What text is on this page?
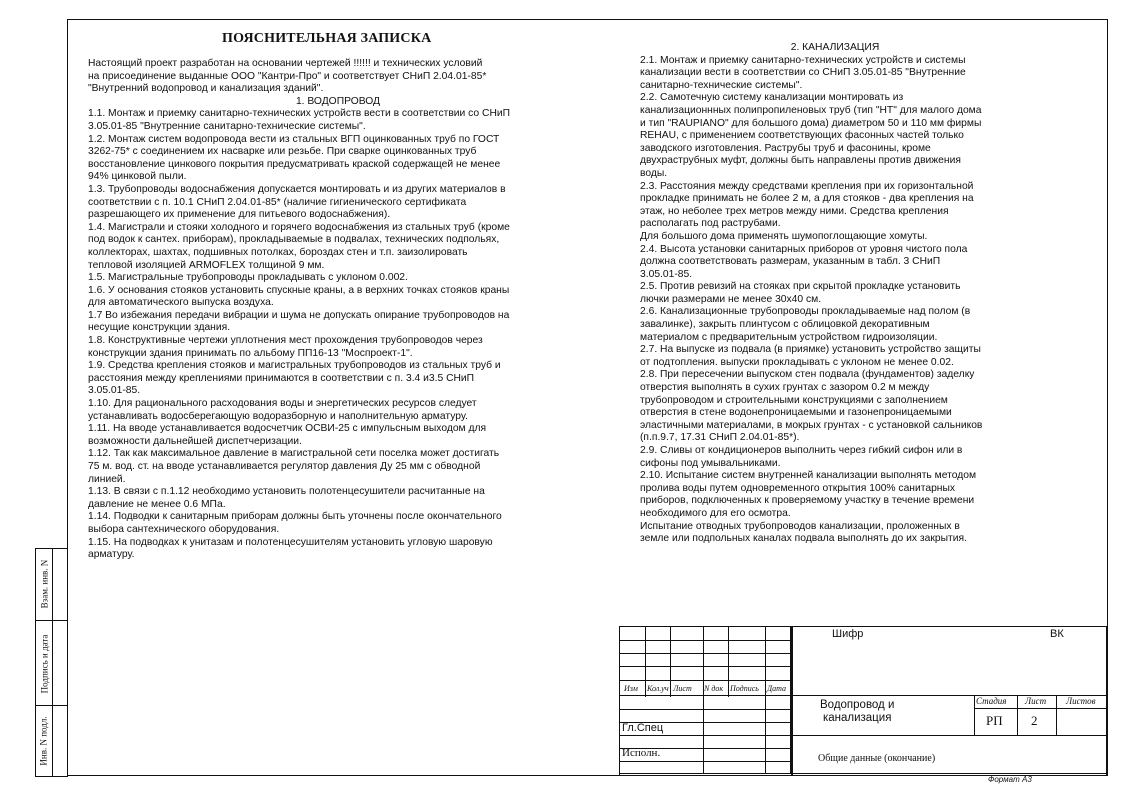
Взам. инв. N
Подпись и дата
Инв. N подл.
ПОЯСНИТЕЛЬНАЯ ЗАПИСКА

Настоящий проект разработан на основании чертежей !!!!!! и технических условий

на присоединение выданные ООО "Кантри-Про" и соответствует СНиП 2.04.01-85*

"Внутренний водопровод и канализация зданий".

1. ВОДОПРОВОД

1.1. Монтаж и приемку санитарно-технических устройств вести в соответствии со СНиП

3.05.01-85 "Внутренние санитарно-технические системы".

1.2. Монтаж систем водопровода вести из стальных ВГП оцинкованных труб по ГОСТ

3262-75* с соединением их насварке или резьбе. При сварке оцинкованных труб

восстановление цинкового покрытия предусматривать краской содержащей не менее

94% цинковой пыли.

1.3. Трубопроводы водоснабжения допускается монтировать и из других материалов в

соответствии с п. 10.1 СНиП 2.04.01-85* (наличие гигиенического сертификата

разрешающего их применение для питьевого водоснабжения).

1.4. Магистрали и стояки холодного и горячего водоснабжения из стальных труб (кроме

под водок к сантех. приборам), прокладываемые в подвалах, технических подпольях,

коллекторах, шахтах, подшивных потолках, бороздах стен и т.п. заизолировать

тепловой изоляцией ARMOFLEX толщиной 9 мм.

1.5. Магистральные трубопроводы прокладывать с уклоном 0.002.

1.6. У основания стояков установить спускные краны, а в верхних точках стояков краны

для автоматического выпуска воздуха.

1.7 Во избежания передачи вибрации и шума не допускать опирание трубопроводов на

несущие конструкции здания.

1.8. Конструктивные чертежи уплотнения мест прохождения трубопроводов через

конструкции здания принимать по альбому ПП16-13 "Моспроект-1".

1.9. Средства крепления стояков и магистральных трубопроводов из стальных труб и

расстояния между креплениями принимаются в соответствии с п. 3.4 и3.5 СНиП

3.05.01-85.

1.10. Для рационального расходования воды и энергетических ресурсов следует

устанавливать водосберегающую водоразборную и наполнительную арматуру.

1.11. На вводе устанавливается водосчетчик ОСВИ-25 с импульсным выходом для

возможности дальнейшей диспетчеризации.

1.12. Так как максимальное давление в магистральной сети поселка может достигать

75 м. вод. ст. на вводе устанавливается регулятор давления Ду 25 мм с обводной

линией.

1.13. В связи с п.1.12 необходимо установить полотенцесушители расчитанные на

давление не менее 0.6 МПа.

1.14. Подводки к санитарным приборам должны быть уточнены после окончательного

выбора сантехнического оборудования.

1.15. На подводках к унитазам и полотенцесушителям установить угловую шаровую

арматуру.

2. КАНАЛИЗАЦИЯ

2.1. Монтаж и приемку санитарно-технических устройств и системы

канализации вести в соответствии со СНиП 3.05.01-85 "Внутренние

санитарно-технические системы".

2.2. Самотечную систему канализации монтировать из

канализационнных полипропиленовых труб (тип "НТ" для малого дома

и тип "RAUPIANO" для большого дома) диаметром 50 и 110 мм фирмы

REHAU, с применением соответствующих фасонных частей только

заводского изготовления. Раструбы труб и фасонины, кроме

двухраструбных муфт, должны быть направлены против движения

воды.

2.3. Расстояния между средствами крепления при их горизонтальной

прокладке принимать не более 2 м, а для стояков - два крепления на

этаж, но неболее трех метров между ними. Средства крепления

располагать под раструбами.

Для большого дома применять шумопоглощающие хомуты.

2.4. Высота установки санитарных приборов от уровня чистого пола

должна соответствовать размерам, указанным в табл. 3 СНиП

3.05.01-85.

2.5. Против ревизий на стояках при скрытой прокладке установить

лючки размерами не менее 30х40 см.

2.6. Канализационные трубопроводы прокладываемые над полом (в

завалинке), закрыть плинтусом с облицовкой декоративным

материалом с предварительным устройством гидроизоляции.

2.7. На выпуске из подвала (в приямке) установить устройство защиты

от подтопления. выпуски прокладывать с уклоном не менее 0.02.

2.8. При пересечении выпуском стен подвала (фундаментов) заделку

отверстия выполнять в сухих грунтах с зазором 0.2 м между

трубопроводом и строительными конструкциями с заполнением

отверстия в стене водонепроницаемыми и газонепроницаемыми

эластичными материалами, в мокрых грунтах - с установкой сальников

(п.п.9.7, 17.31 СНиП 2.04.01-85*).

2.9. Сливы от кондиционеров выполнить через гибкий сифон или в

сифоны под умывальниками.

2.10. Испытание систем внутренней канализации выполнять методом

пролива воды путем одновременного открытия 100% санитарных

приборов, подключенных к проверяемому участку в течение времени

необходимого для его осмотра.

Испытание отводных трубопроводов канализации, проложенных в

земле или подпольных каналах подвала выполнять до их закрытия.

Шифр	ВК
Изм Кол.уч Лист N док Подпись Дата
Гл.Спец
Исполн.
Водопровод и
канализация
Стадия Лист Листов
РП 2
Общие данные (окончание)
Формат А3
